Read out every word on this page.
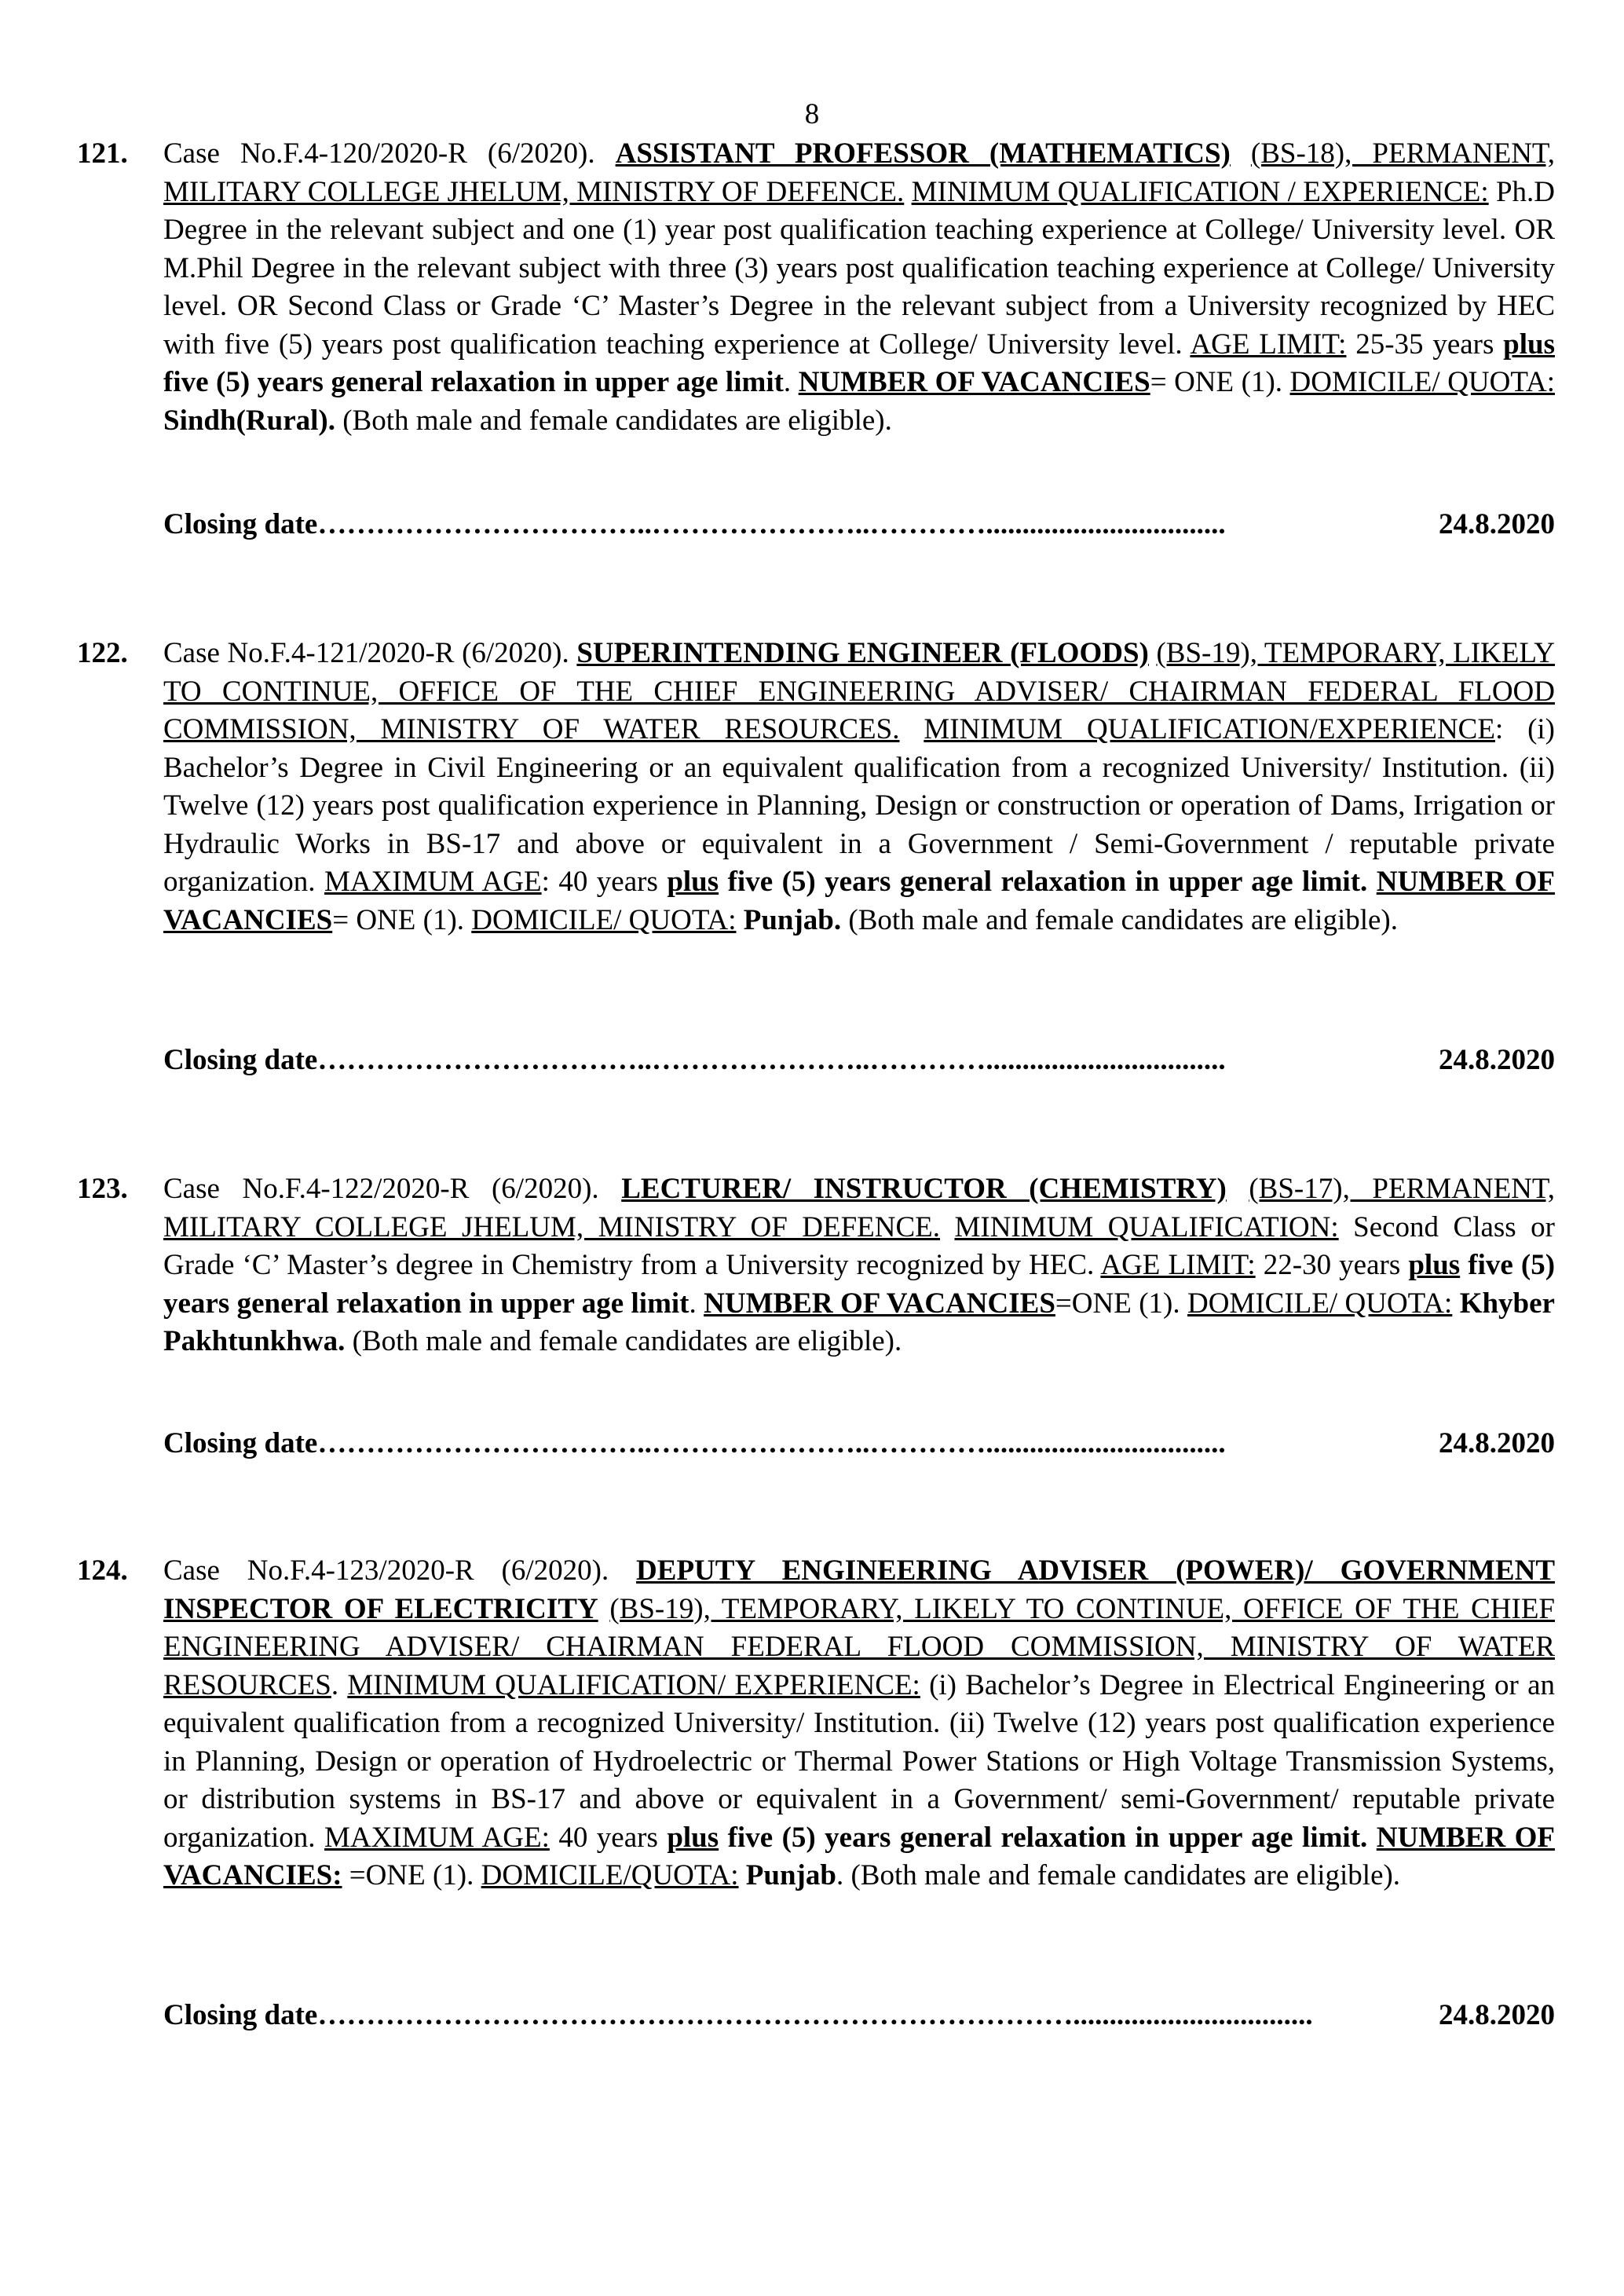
8
121. Case No.F.4-120/2020-R (6/2020). ASSISTANT PROFESSOR (MATHEMATICS) (BS-18), PERMANENT, MILITARY COLLEGE JHELUM, MINISTRY OF DEFENCE. MINIMUM QUALIFICATION / EXPERIENCE: Ph.D Degree in the relevant subject and one (1) year post qualification teaching experience at College/ University level. OR M.Phil Degree in the relevant subject with three (3) years post qualification teaching experience at College/ University level. OR Second Class or Grade ‘C’ Master’s Degree in the relevant subject from a University recognized by HEC with five (5) years post qualification teaching experience at College/ University level. AGE LIMIT: 25-35 years plus five (5) years general relaxation in upper age limit. NUMBER OF VACANCIES= ONE (1). DOMICILE/ QUOTA: Sindh(Rural). (Both male and female candidates are eligible).
Closing date ……………………………..…………………..………….................................	24.8.2020
122. Case No.F.4-121/2020-R (6/2020). SUPERINTENDING ENGINEER (FLOODS) (BS-19), TEMPORARY, LIKELY TO CONTINUE, OFFICE OF THE CHIEF ENGINEERING ADVISER/ CHAIRMAN FEDERAL FLOOD COMMISSION, MINISTRY OF WATER RESOURCES. MINIMUM QUALIFICATION/EXPERIENCE: (i) Bachelor’s Degree in Civil Engineering or an equivalent qualification from a recognized University/ Institution. (ii) Twelve (12) years post qualification experience in Planning, Design or construction or operation of Dams, Irrigation or Hydraulic Works in BS-17 and above or equivalent in a Government / Semi-Government / reputable private organization. MAXIMUM AGE: 40 years plus five (5) years general relaxation in upper age limit. NUMBER OF VACANCIES= ONE (1). DOMICILE/ QUOTA: Punjab. (Both male and female candidates are eligible).
Closing date ……………………………..…………………..………….................................	24.8.2020
123. Case No.F.4-122/2020-R (6/2020). LECTURER/ INSTRUCTOR (CHEMISTRY) (BS-17), PERMANENT, MILITARY COLLEGE JHELUM, MINISTRY OF DEFENCE. MINIMUM QUALIFICATION: Second Class or Grade ‘C’ Master’s degree in Chemistry from a University recognized by HEC. AGE LIMIT: 22-30 years plus five (5) years general relaxation in upper age limit. NUMBER OF VACANCIES=ONE (1). DOMICILE/ QUOTA: Khyber Pakhtunkhwa. (Both male and female candidates are eligible).
Closing date ……………………………..…………………..………….................................	24.8.2020
124. Case No.F.4-123/2020-R (6/2020). DEPUTY ENGINEERING ADVISER (POWER)/ GOVERNMENT INSPECTOR OF ELECTRICITY (BS-19), TEMPORARY, LIKELY TO CONTINUE, OFFICE OF THE CHIEF ENGINEERING ADVISER/ CHAIRMAN FEDERAL FLOOD COMMISSION, MINISTRY OF WATER RESOURCES. MINIMUM QUALIFICATION/ EXPERIENCE: (i) Bachelor’s Degree in Electrical Engineering or an equivalent qualification from a recognized University/ Institution. (ii) Twelve (12) years post qualification experience in Planning, Design or operation of Hydroelectric or Thermal Power Stations or High Voltage Transmission Systems, or distribution systems in BS-17 and above or equivalent in a Government/ semi-Government/ reputable private organization. MAXIMUM AGE: 40 years plus five (5) years general relaxation in upper age limit. NUMBER OF VACANCIES: =ONE (1). DOMICILE/QUOTA: Punjab. (Both male and female candidates are eligible).
Closing date …………………………………………………………………….................................	24.8.2020
